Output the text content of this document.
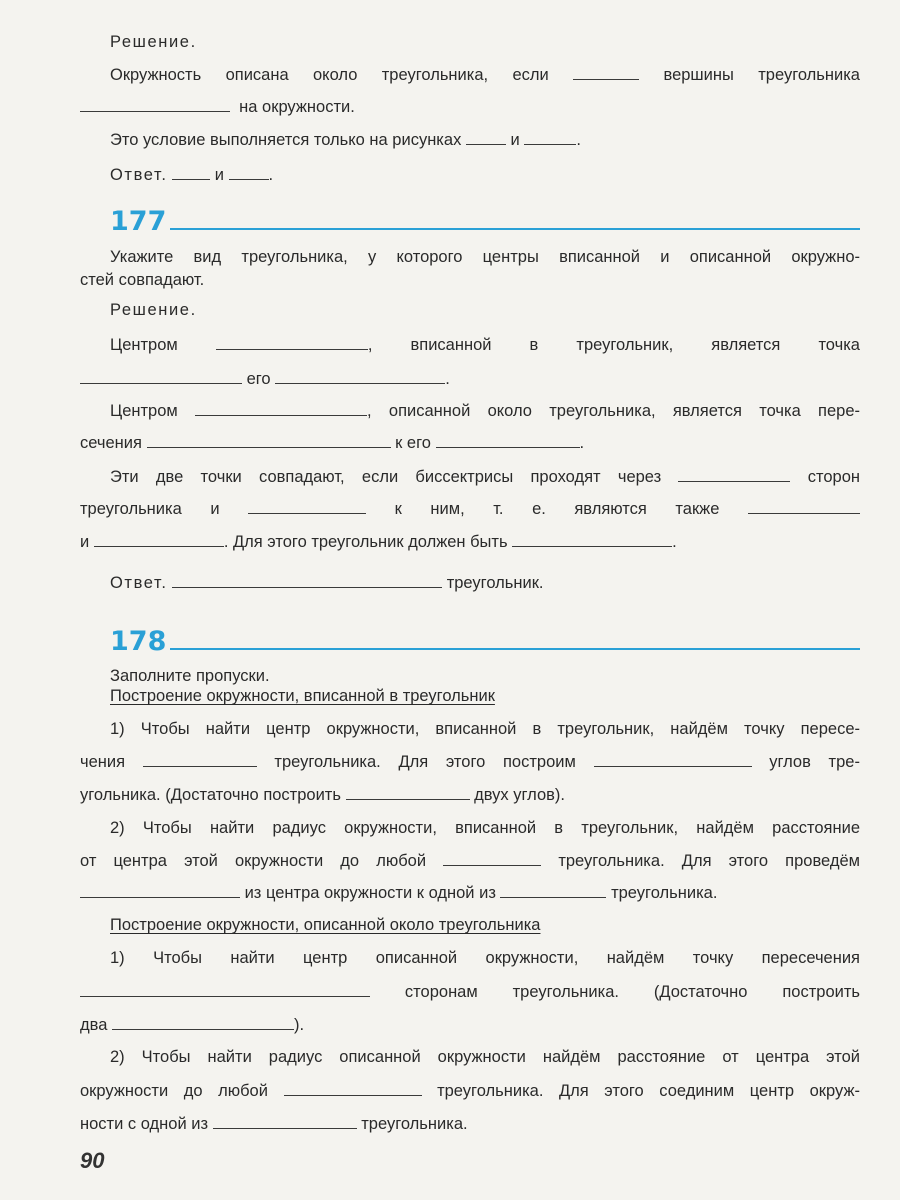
Решение.
Окружность описана около треугольника, если	вершины треугольника
на окружности.
Это условие выполняется только на рисунках	и	.
Ответ.	и	.
177
Укажите вид треугольника, у которого центры вписанной и описанной окружно-
стей совпадают.
Решение.
Центром	, вписанной в треугольник, является точка
его	.
Центром	, описанной около треугольника, является точка пере-
сечения	к его	.
Эти две точки совпадают, если биссектрисы проходят через	сторон
треугольника и	к ним, т. е. являются также
и	. Для этого треугольник должен быть	.
Ответ.	треугольник.
178
Заполните пропуски.
Построение окружности, вписанной в треугольник
1) Чтобы найти центр окружности, вписанной в треугольник, найдём точку пересе-
чения	треугольника. Для этого построим	углов тре-
угольника. (Достаточно построить	двух углов).
2) Чтобы найти радиус окружности, вписанной в треугольник, найдём расстояние
от центра этой окружности до любой	треугольника. Для этого проведём
из центра окружности к одной из	треугольника.
Построение окружности, описанной около треугольника
1) Чтобы найти центр описанной окружности, найдём точку пересечения
сторонам треугольника. (Достаточно построить
два	).
2) Чтобы найти радиус описанной окружности найдём расстояние от центра этой
окружности до любой	треугольника. Для этого соединим центр окруж-
ности с одной из	треугольника.
90
